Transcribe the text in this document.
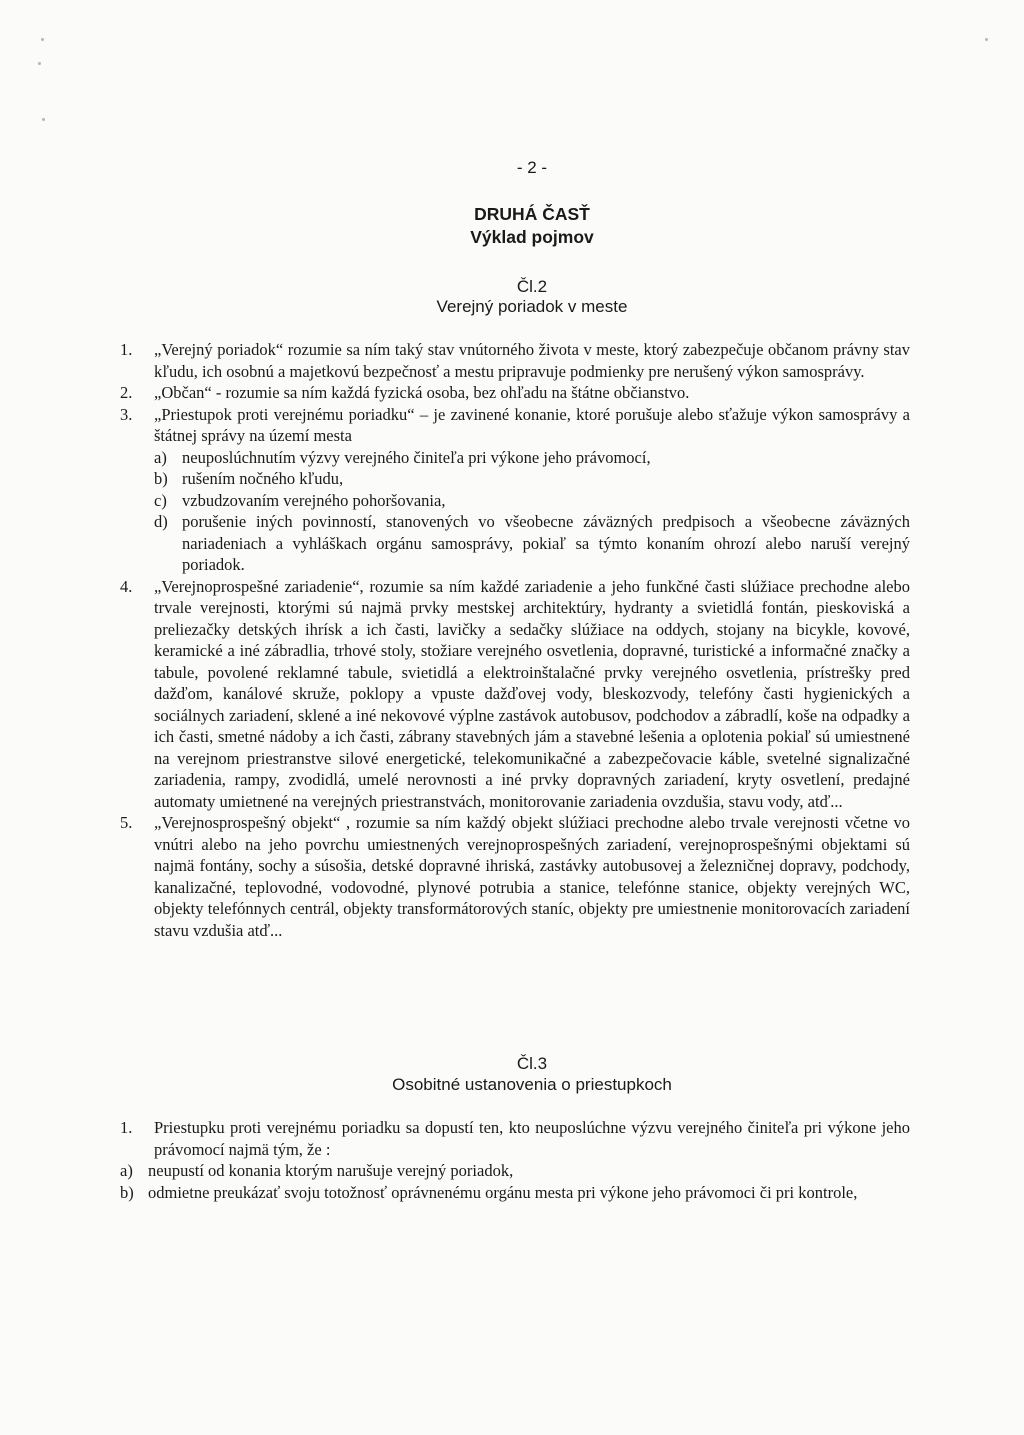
- 2 -
DRUHÁ ČASŤ
Výklad pojmov
Čl.2
Verejný poriadok v meste
1.	„Verejný poriadok“ rozumie sa ním taký stav vnútorného života v meste, ktorý zabezpečuje občanom právny stav kľudu, ich osobnú a majetkovú bezpečnosť a mestu pripravuje podmienky pre nerušený výkon samosprávy.
2.	„Občan“ - rozumie sa ním každá fyzická osoba, bez ohľadu na štátne občianstvo.
3.	„Priestupok proti verejnému poriadku“ – je zavinené konanie, ktoré porušuje alebo sťažuje výkon samosprávy a štátnej správy na území mesta
a) neuposlúchnutím výzvy verejného činiteľa pri výkone jeho právomocí,
b) rušením nočného kľudu,
c) vzbudzovaním verejného pohoršovania,
d) porušenie iných povinností, stanovených vo všeobecne záväzných predpisoch a všeobecne záväzných nariadeniach a vyhláškach orgánu samosprávy, pokiaľ sa týmto konaním ohrozí alebo naruší verejný poriadok.
4.	„Verejnoprospešné zariadenie“, rozumie sa ním každé zariadenie a jeho funkčné časti slúžiace prechodne alebo trvale verejnosti, ktorými sú najmä prvky mestskej architektúry, hydranty a svietidlá fontán, pieskoviská a preliezačky detských ihrísk a ich časti, lavičky a sedačky slúžiace na oddych, stojany na bicykle, kovové, keramické a iné zábradlia, trhové stoly, stožiare verejného osvetlenia, dopravné, turistické a informačné značky a tabule, povolené reklamné tabule, svietidlá a elektroinštalačné prvky verejného osvetlenia, prístrešky pred dažďom, kanálové skruže, poklopy a vpuste dažďovej vody, bleskozvody, telefóny časti hygienických a sociálnych zariadení, sklené a iné nekovové výplne zastávok autobusov, podchodov a zábradlí, koše na odpadky a ich časti, smetné nádoby a ich časti, zábrany stavebných jám a stavebné lešenia a oplotenia pokiaľ sú umiestnené na verejnom priestranstve silové energetické, telekomunikačné a zabezpečovacie káble, svetelné signalizačné zariadenia, rampy, zvodidlá, umelé nerovnosti a iné prvky dopravných zariadení, kryty osvetlení, predajné automaty umietnené na verejných priestranstvách, monitorovanie zariadenia ovzdušia, stavu vody, atď...
5.	„Verejnosprospešný objekt“ , rozumie sa ním každý objekt slúžiaci prechodne alebo trvale verejnosti včetne vo vnútri alebo na jeho povrchu umiestnených verejnoprospešných zariadení, verejnoprospešnými objektami sú najmä fontány, sochy a súsošia, detské dopravné ihriská, zastávky autobusovej a železničnej dopravy, podchody, kanalizačné, teplovodné, vodovodné, plynové potrubia a stanice, telefónne stanice, objekty verejných WC, objekty telefónnych centrál, objekty transformátorových staníc, objekty pre umiestnenie monitorovacích zariadení stavu vzdušia atď...
Čl.3
Osobitné ustanovenia o priestupkoch
1.	Priestupku proti verejnému poriadku sa dopustí ten, kto neuposlúchne výzvu verejného činiteľa pri výkone jeho právomocí najmä tým, že :
a) neupustí od konania ktorým narušuje verejný poriadok,
b) odmietne preukázať svoju totožnosť oprávnenému orgánu mesta pri výkone jeho právomoci či pri kontrole,
